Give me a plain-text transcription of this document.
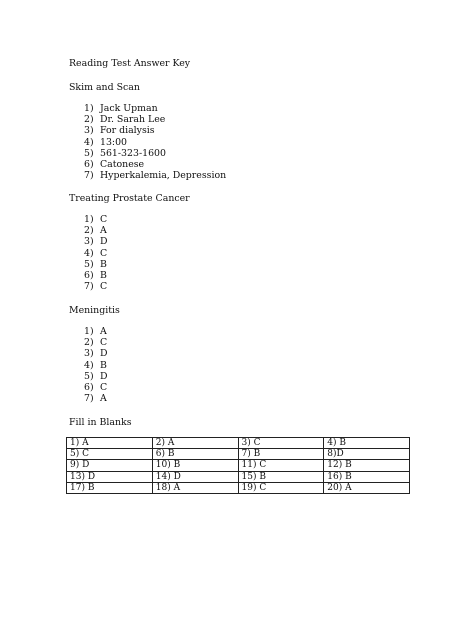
Reading Test Answer Key
Skim and Scan
1) Jack Upman
2) Dr. Sarah Lee
3) For dialysis
4) 13:00
5) 561-323-1600
6) Catonese
7) Hyperkalemia, Depression
Treating Prostate Cancer
1) C
2) A
3) D
4) C
5) B
6) B
7) C
Meningitis
1) A
2) C
3) D
4) B
5) D
6) C
7) A
Fill in Blanks
1) A	2) A	3) C	4) B
5) C	6) B	7) B	8)D
9) D	10) B	11) C	12) B
13) D	14) D	15) B	16) B
17) B	18) A	19) C	20) A
